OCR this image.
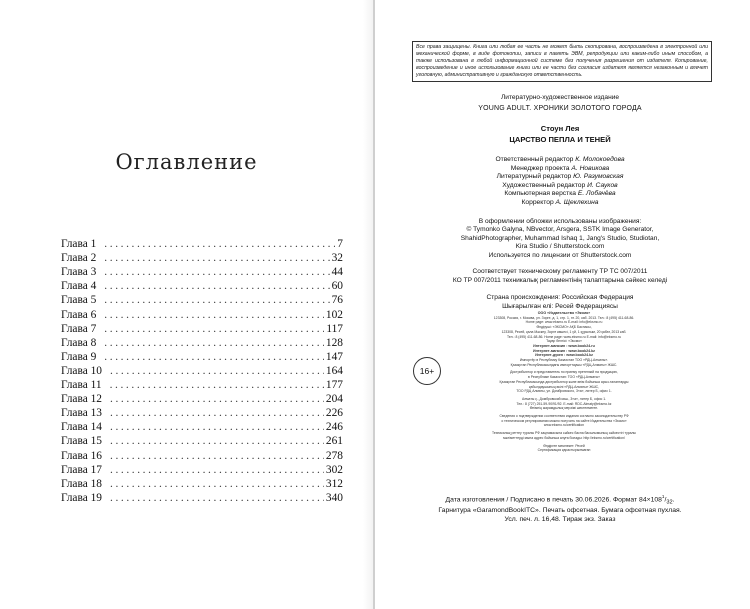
Оглавление
Глава 1 .....	7
Глава 2 .....	32
Глава 3 .....	44
Глава 4 .....	60
Глава 5 .....	76
Глава 6 .....	102
Глава 7 .....	117
Глава 8 .....	128
Глава 9 .....	147
Глава 10 .....	164
Глава 11 .....	177
Глава 12 .....	204
Глава 13 .....	226
Глава 14 .....	246
Глава 15 .....	261
Глава 16 .....	278
Глава 17 .....	302
Глава 18 .....	312
Глава 19 .....	340
Все права защищены. Книга или любая ее часть не может быть скопирована, воспроизведена в электронной или механической форме, в виде фотокопии, записи в память ЭВМ, репродукции или каким-либо иным способом, а также использована в любой информационной системе без получения разрешения от издателя. Копирование, воспроизведение и иное использование книги или ее части без согласия издателя является незаконным и влечет уголовную, административную и гражданскую ответственность.
Литературно-художественное издание
YOUNG ADULT. ХРОНИКИ ЗОЛОТОГО ГОРОДА
Стоун Лея
ЦАРСТВО ПЕПЛА И ТЕНЕЙ
Ответственный редактор К. Молокоедова
Менеджер проекта А. Новикова
Литературный редактор Ю. Разумовская
Художественный редактор И. Сауков
Компьютерная верстка Е. Лобачёва
Корректор А. Щеклехина
В оформлении обложки использованы изображения:
© Tymonko Galyna, NBvector, Arsgera, SSTK Image Generator,
ShahidPhotographer, Muhammad Ishaq 1, Jang's Studio, Studiotan,
Kira Studio / Shutterstock.com
Используется по лицензии от Shutterstock.com
Соответствует техническому регламенту ТР ТС 007/2011
КО ТР 007/2011 техникалық регламентінің талаптарына сәйкес келеді
Страна происхождения: Российская Федерация
Шығарылған елі: Ресей Федерациясы
16+
ООО «Издательство «Эксмо»
123308, Россия, г. Москва, ул. Зорге, д. 1, стр. 1, эт. 20, каб. 2013. Тел.: 8 (495) 411-68-86.
Home page: www.eksmo.ru E-mail: info@eksmo.ru
Өндіруші: «ЭКСМО» АҚБ Баспасы,
123308, Ресей, қала Мәскеу, Зорге көшесі, 1 үй, 1 құрылым, 20 қабат, 2013 каб.
Тел.: 8 (495) 411-68-86. Home page: www.eksmo.ru E-mail: info@eksmo.ru
Тауар белгісі: «Эксмо»
Интернет-магазин : www.book24.ru
Интернет-магазин : www.book24.kz
Интернет-дүкен : www.book24.kz
Импортёр в Республику Казахстан ТОО «РДЦ-Алматы».
Қазақстан Республикасындағы импорттаушы «РДЦ-Алматы» ЖШС.
Дистрибьютор и представитель по приему претензий на продукцию,
в Республике Казахстан: ТОО «РДЦ-Алматы»
Қазақстан Республикасында дистрибьютор және өнім бойынша арыз-талаптарды
қабылдаушының өкілі «РДЦ-Алматы» ЖШС,
ТОО РДЦ Алматы, ул. Домбровского, 3«а», литер Б, офис 1.
Алматы қ., Домбровский көш., 3«а», литер Б, офис 1.
Тел.: 8 (727) 251-59-90/91/92. E-mail: RDC-Almaty@eksmo.kz
Өнімнің жарамдылық мерзімі шектелмеген.
Сведения о подтверждении соответствия издания согласно законодательству РФ
о техническом регулировании можно получить на сайте Издательства «Эксмо»
www.eksmo.ru/certification
Техникалық реттеу туралы РФ заңнамасына сәйкес баспа басылымының сәйкестігі туралы
мәліметтерді мына адрес бойынша алуға болады: http://eksmo.ru/certification/
Өндірген мемлекет: Ресей
Сертификация қарастырылмаған
Дата изготовления / Подписано в печать 30.06.2026. Формат $84\times 108^1/_{32}$.
Гарнитура «GaramondBookITC». Печать офсетная. Бумага офсетная пухлая.
Усл. печ. л. 16,48. Тираж экз. Заказ
